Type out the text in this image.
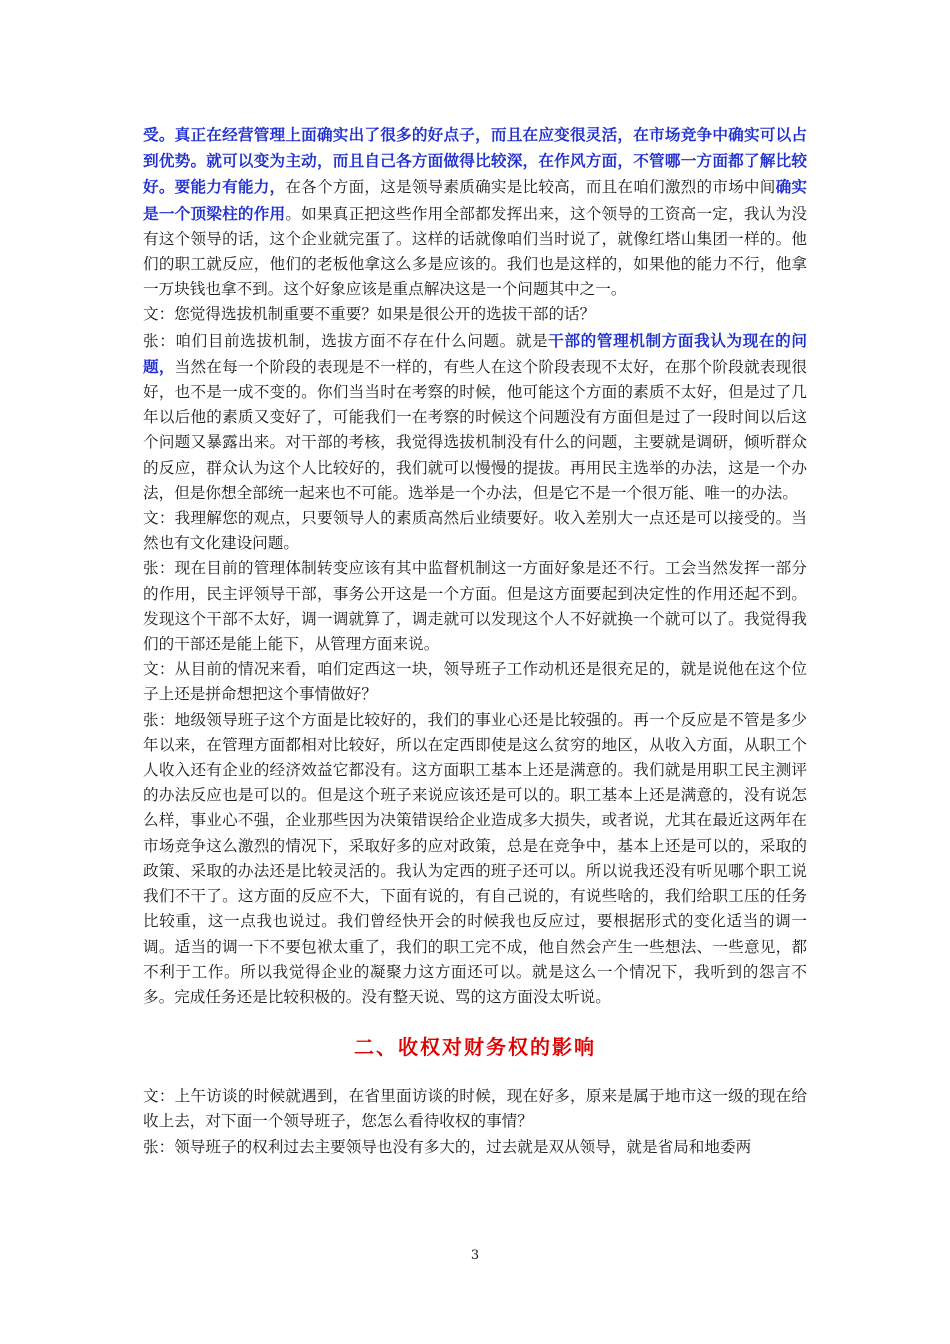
受。真正在经营管理上面确实出了很多的好点子，而且在应变很灵活，在市场竞争中确实可以占到优势。就可以变为主动，而且自己各方面做得比较深，在作风方面，不管哪一方面都了解比较好。要能力有能力，在各个方面，这是领导素质确实是比较高，而且在咱们激烈的市场中间确实是一个顶梁柱的作用。如果真正把这些作用全部都发挥出来，这个领导的工资高一定，我认为没有这个领导的话，这个企业就完蛋了。这样的话就像咱们当时说了，就像红塔山集团一样的。他们的职工就反应，他们的老板他拿这么多是应该的。我们也是这样的，如果他的能力不行，他拿一万块钱也拿不到。这个好象应该是重点解决这是一个问题其中之一。

文：您觉得选拔机制重要不重要？如果是很公开的选拔干部的话？

张：咱们目前选拔机制，选拔方面不存在什么问题。就是干部的管理机制方面我认为现在的问题，当然在每一个阶段的表现是不一样的，有些人在这个阶段表现不太好，在那个阶段就表现很好，也不是一成不变的。你们当当时在考察的时候，他可能这个方面的素质不太好，但是过了几年以后他的素质又变好了，可能我们一在考察的时候这个问题没有方面但是过了一段时间以后这个问题又暴露出来。对干部的考核，我觉得选拔机制没有什么的问题，主要就是调研，倾听群众的反应，群众认为这个人比较好的，我们就可以慢慢的提拔。再用民主选举的办法，这是一个办法，但是你想全部统一起来也不可能。选举是一个办法，但是它不是一个很万能、唯一的办法。

文：我理解您的观点，只要领导人的素质高然后业绩要好。收入差别大一点还是可以接受的。当然也有文化建设问题。

张：现在目前的管理体制转变应该有其中监督机制这一方面好象是还不行。工会当然发挥一部分的作用，民主评领导干部，事务公开这是一个方面。但是这方面要起到决定性的作用还起不到。发现这个干部不太好，调一调就算了，调走就可以发现这个人不好就换一个就可以了。我觉得我们的干部还是能上能下，从管理方面来说。

文：从目前的情况来看，咱们定西这一块，领导班子工作动机还是很充足的，就是说他在这个位子上还是拼命想把这个事情做好？

张：地级领导班子这个方面是比较好的，我们的事业心还是比较强的。再一个反应是不管是多少年以来，在管理方面都相对比较好，所以在定西即使是这么贫穷的地区，从收入方面，从职工个人收入还有企业的经济效益它都没有。这方面职工基本上还是满意的。我们就是用职工民主测评的办法反应也是可以的。但是这个班子来说应该还是可以的。职工基本上还是满意的，没有说怎么样，事业心不强，企业那些因为决策错误给企业造成多大损失，或者说，尤其在最近这两年在市场竞争这么激烈的情况下，采取好多的应对政策，总是在竞争中，基本上还是可以的，采取的政策、采取的办法还是比较灵活的。我认为定西的班子还可以。所以说我还没有听见哪个职工说我们不干了。这方面的反应不大，下面有说的，有自己说的，有说些啥的，我们给职工压的任务比较重，这一点我也说过。我们曾经快开会的时候我也反应过，要根据形式的变化适当的调一调。适当的调一下不要包袱太重了，我们的职工完不成，他自然会产生一些想法、一些意见，都不利于工作。所以我觉得企业的凝聚力这方面还可以。就是这么一个情况下，我听到的怨言不多。完成任务还是比较积极的。没有整天说、骂的这方面没太听说。

二、收权对财务权的影响

文：上午访谈的时候就遇到，在省里面访谈的时候，现在好多，原来是属于地市这一级的现在给收上去，对下面一个领导班子，您怎么看待收权的事情？

张：领导班子的权利过去主要领导也没有多大的，过去就是双从领导，就是省局和地委两

3
